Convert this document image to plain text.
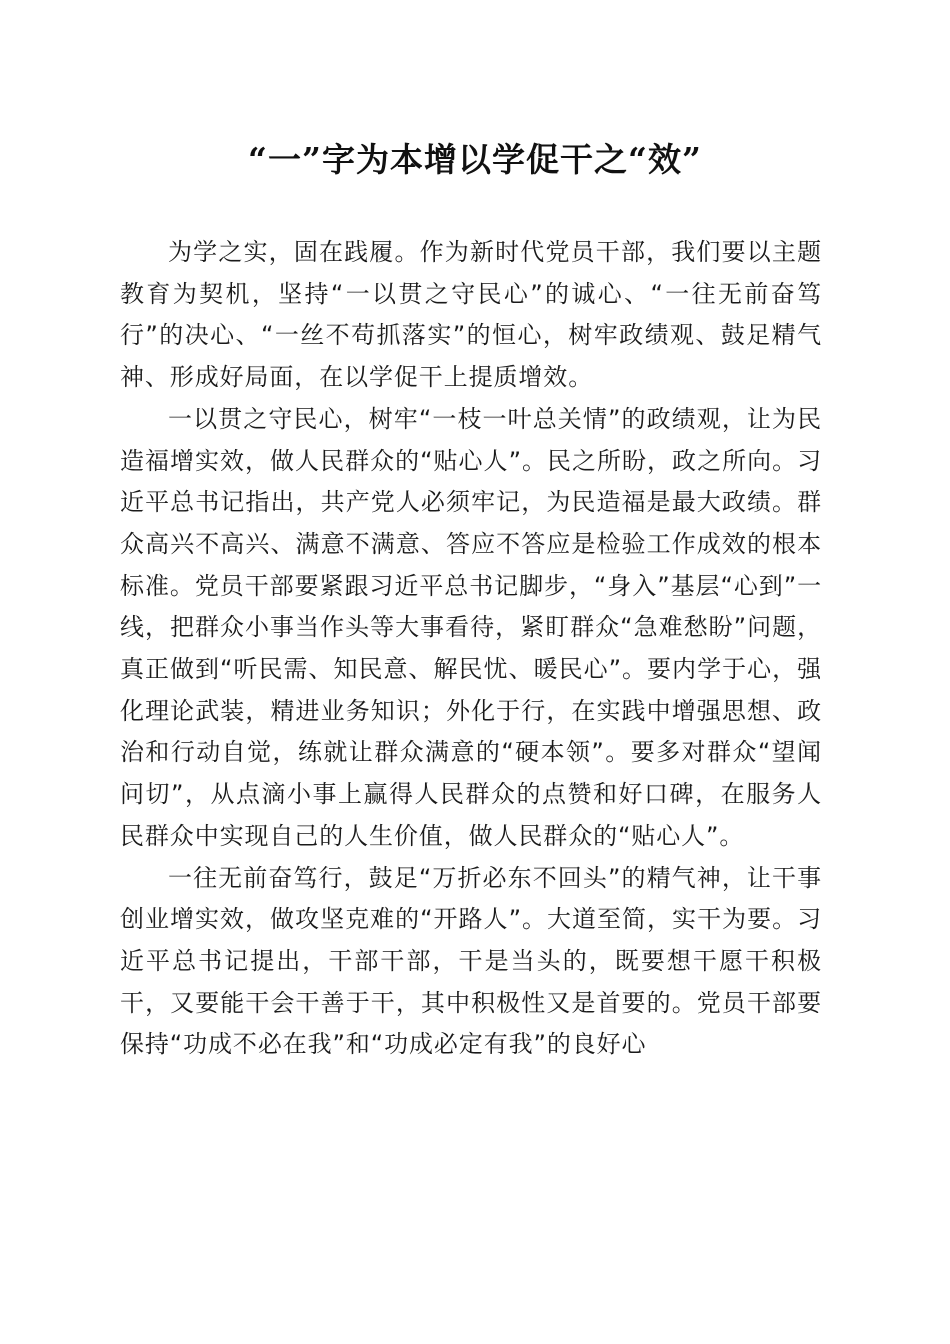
“一”字为本增以学促干之“效”

为学之实，固在践履。作为新时代党员干部，我们要以主题教育为契机，坚持“一以贯之守民心”的诚心、“一往无前奋笃行”的决心、“一丝不苟抓落实”的恒心，树牢政绩观、鼓足精气神、形成好局面，在以学促干上提质增效。

一以贯之守民心，树牢“一枝一叶总关情”的政绩观，让为民造福增实效，做人民群众的“贴心人”。民之所盼，政之所向。习近平总书记指出，共产党人必须牢记，为民造福是最大政绩。群众高兴不高兴、满意不满意、答应不答应是检验工作成效的根本标准。党员干部要紧跟习近平总书记脚步，“身入”基层“心到”一线，把群众小事当作头等大事看待，紧盯群众“急难愁盼”问题，真正做到“听民需、知民意、解民忧、暖民心”。要内学于心，强化理论武装，精进业务知识；外化于行，在实践中增强思想、政治和行动自觉，练就让群众满意的“硬本领”。要多对群众“望闻问切”，从点滴小事上赢得人民群众的点赞和好口碑，在服务人民群众中实现自己的人生价值，做人民群众的“贴心人”。

一往无前奋笃行，鼓足“万折必东不回头”的精气神，让干事创业增实效，做攻坚克难的“开路人”。大道至简，实干为要。习近平总书记提出，干部干部，干是当头的，既要想干愿干积极干，又要能干会干善于干，其中积极性又是首要的。党员干部要保持“功成不必在我”和“功成必定有我”的良好心
